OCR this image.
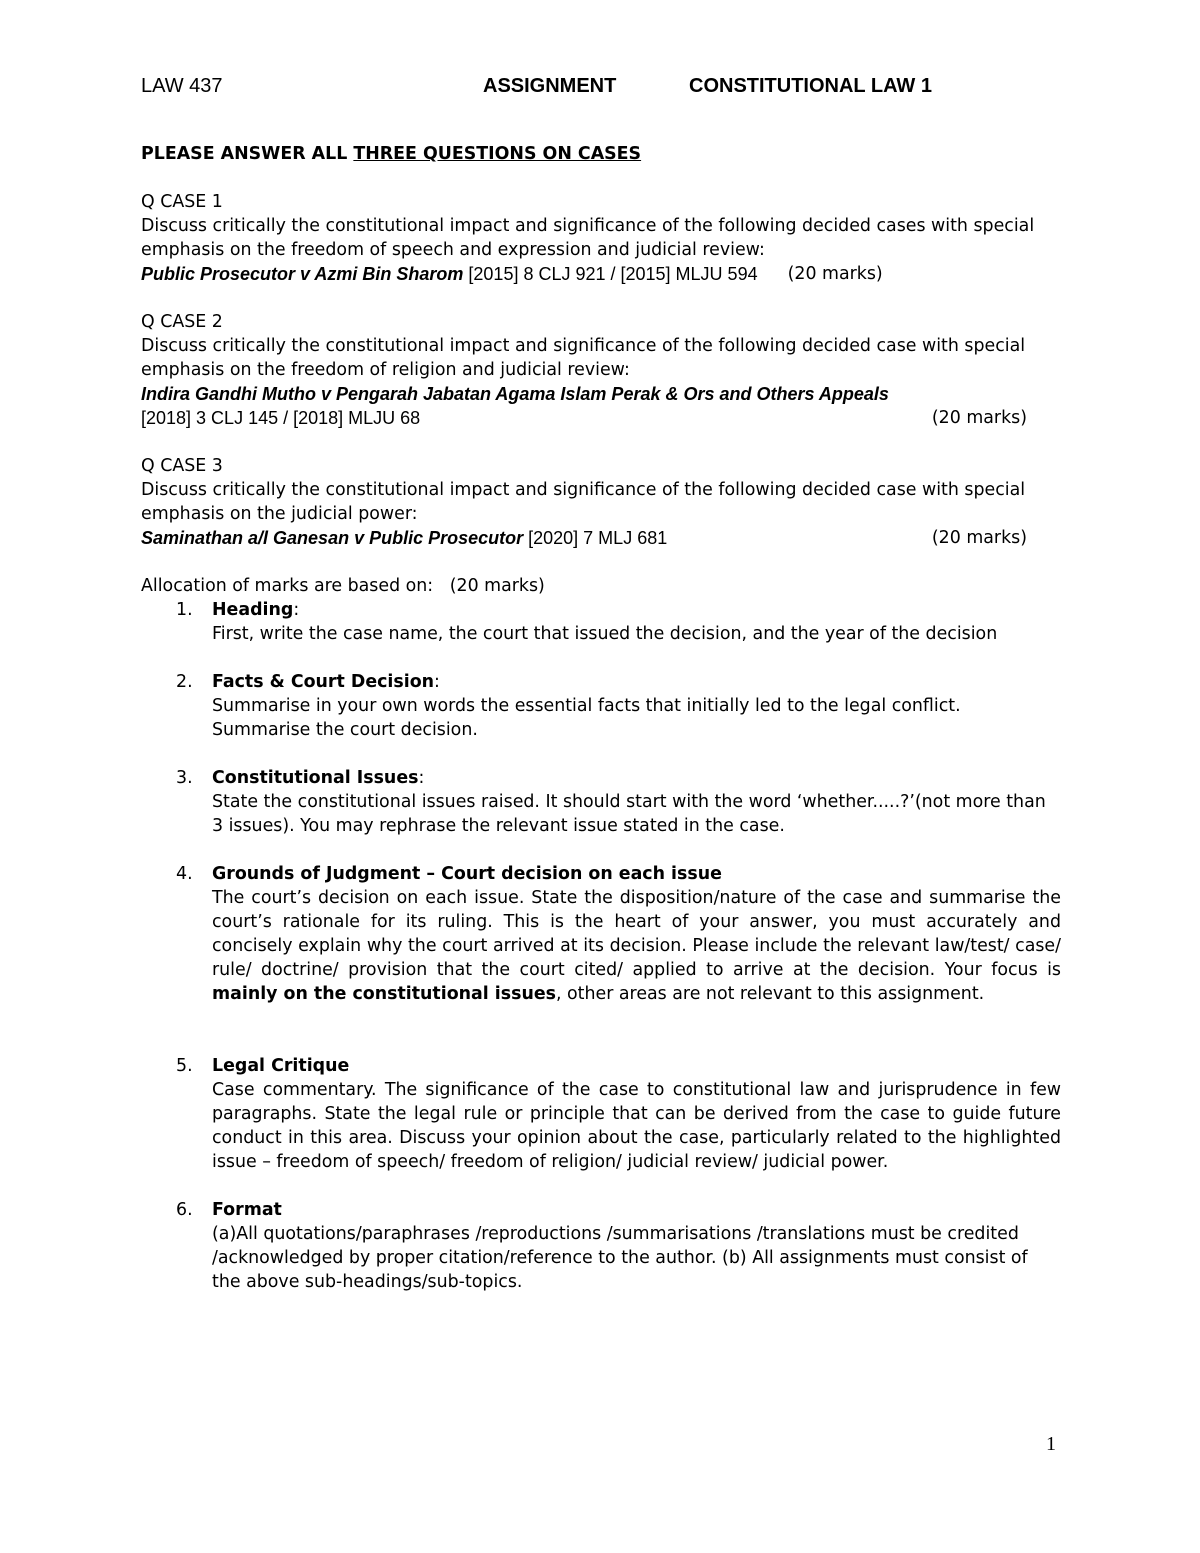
LAW 437	ASSIGNMENT	CONSTITUTIONAL LAW 1

PLEASE ANSWER ALL THREE QUESTIONS ON CASES

Q CASE 1

Discuss critically the constitutional impact and significance of the following decided cases with special emphasis on the freedom of speech and expression and judicial review:

Public Prosecutor v Azmi Bin Sharom [2015] 8 CLJ 921 / [2015] MLJU 594	(20 marks)

Q CASE 2

Discuss critically the constitutional impact and significance of the following decided case with special emphasis on the freedom of religion and judicial review:

Indira Gandhi Mutho v Pengarah Jabatan Agama Islam Perak & Ors and Others Appeals

[2018] 3 CLJ 145 / [2018] MLJU 68	(20 marks)

Q CASE 3

Discuss critically the constitutional impact and significance of the following decided case with special emphasis on the judicial power:

Saminathan a/l Ganesan v Public Prosecutor [2020] 7 MLJ 681	(20 marks)

Allocation of marks are based on:   (20 marks)

1. Heading:

First, write the case name, the court that issued the decision, and the year of the decision

2. Facts & Court Decision:

Summarise in your own words the essential facts that initially led to the legal conflict. Summarise the court decision.

3. Constitutional Issues:

State the constitutional issues raised. It should start with the word ‘whether.....?’(not more than 3 issues). You may rephrase the relevant issue stated in the case.

4. Grounds of Judgment – Court decision on each issue

The court’s decision on each issue. State the disposition/nature of the case and summarise the court’s rationale for its ruling. This is the heart of your answer, you must accurately and concisely explain why the court arrived at its decision. Please include the relevant law/test/ case/ rule/ doctrine/ provision that the court cited/ applied to arrive at the decision. Your focus is mainly on the constitutional issues, other areas are not relevant to this assignment.

5. Legal Critique

Case commentary. The significance of the case to constitutional law and jurisprudence in few paragraphs. State the legal rule or principle that can be derived from the case to guide future conduct in this area. Discuss your opinion about the case, particularly related to the highlighted issue – freedom of speech/ freedom of religion/ judicial review/ judicial power.

6. Format

(a)All quotations/paraphrases /reproductions /summarisations /translations must be credited /acknowledged by proper citation/reference to the author. (b) All assignments must consist of the above sub-headings/sub-topics.

1
